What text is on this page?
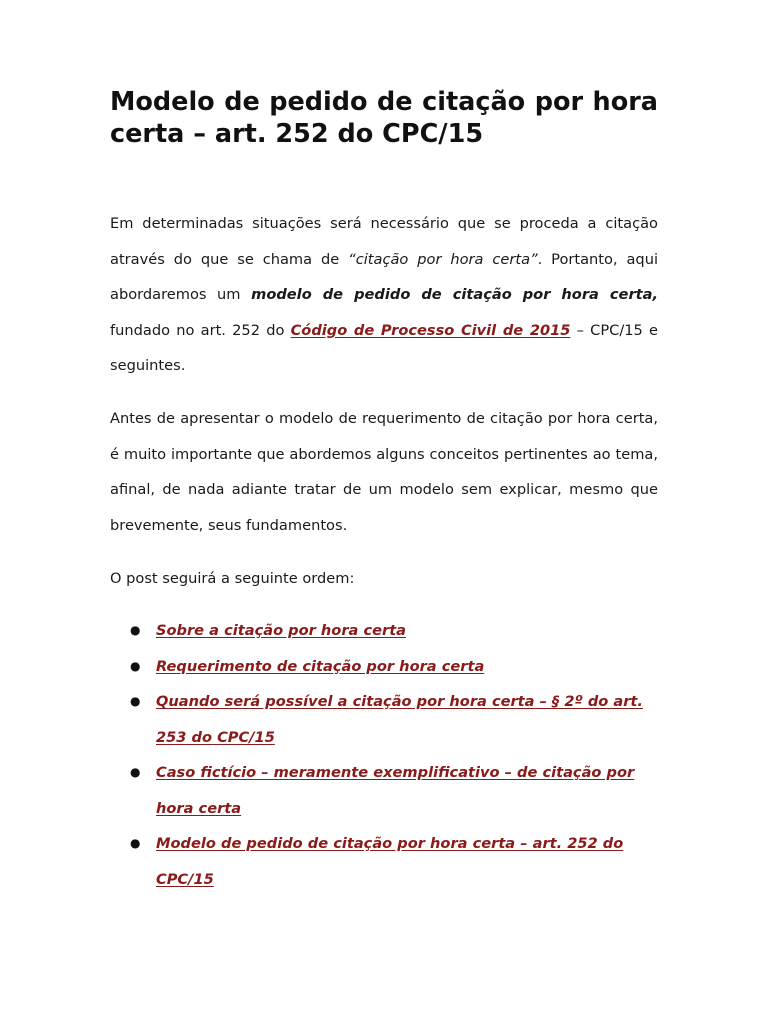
Modelo de pedido de citação por hora certa – art. 252 do CPC/15

Em determinadas situações será necessário que se proceda a citação através do que se chama de “citação por hora certa”. Portanto, aqui abordaremos um modelo de pedido de citação por hora certa, fundado no art. 252 do Código de Processo Civil de 2015 – CPC/15 e seguintes.

Antes de apresentar o modelo de requerimento de citação por hora certa, é muito importante que abordemos alguns conceitos pertinentes ao tema, afinal, de nada adiante tratar de um modelo sem explicar, mesmo que brevemente, seus fundamentos.

O post seguirá a seguinte ordem:

● Sobre a citação por hora certa
● Requerimento de citação por hora certa
● Quando será possível a citação por hora certa – § 2º do art. 253 do CPC/15
● Caso fictício – meramente exemplificativo – de citação por hora certa
● Modelo de pedido de citação por hora certa – art. 252 do CPC/15
